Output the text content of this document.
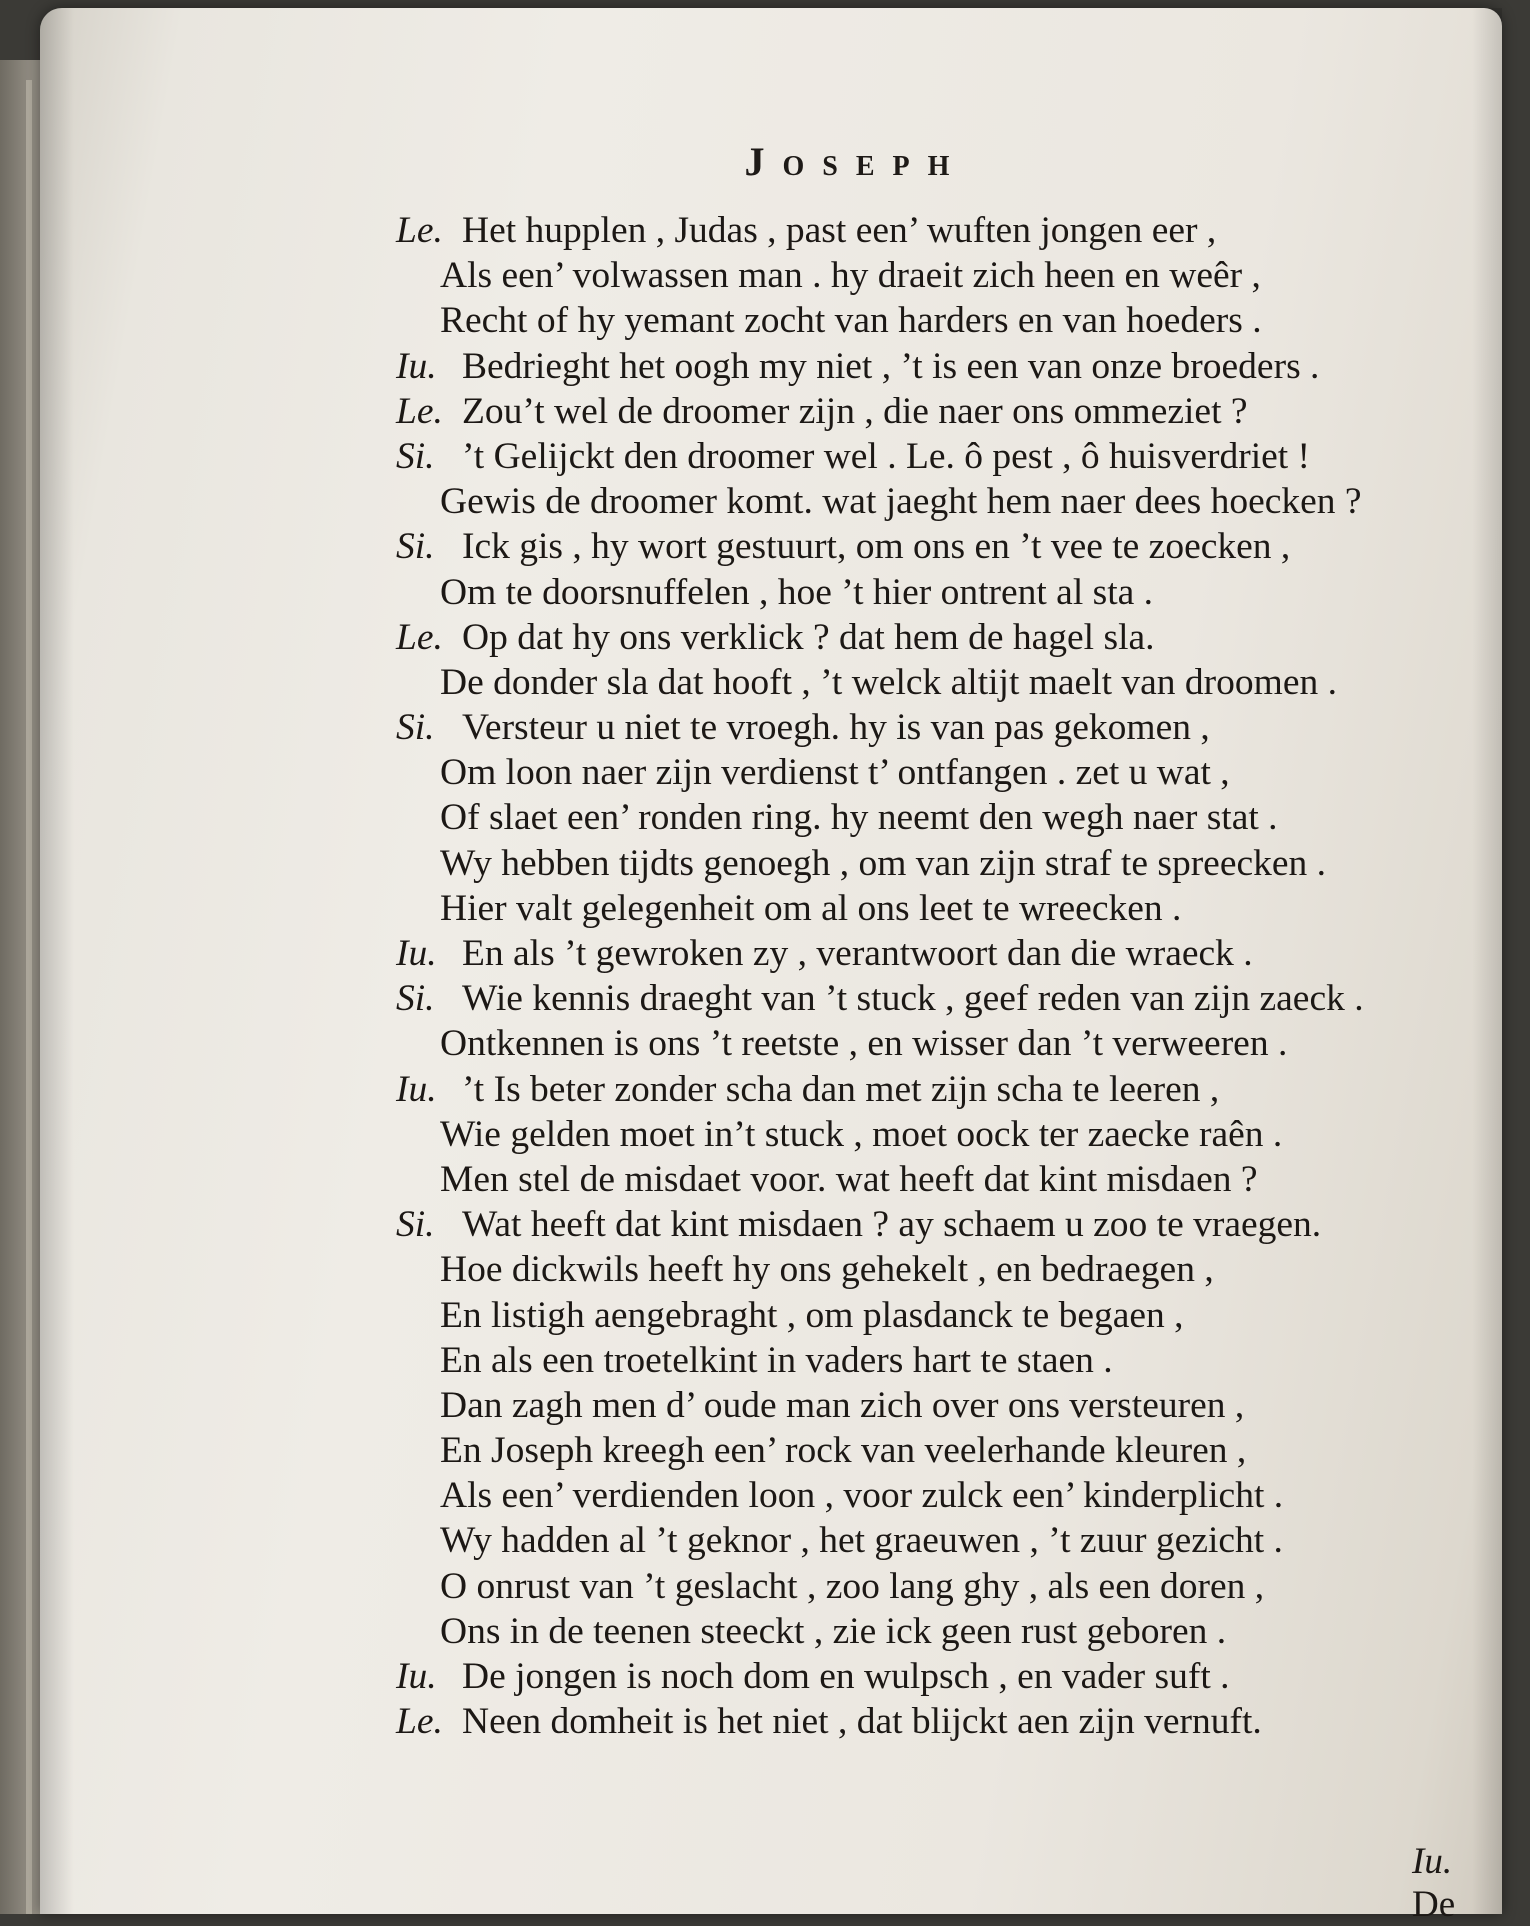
Joseph
Le. Het hupplen , Judas , past een’ wuften jongen eer ,
Als een’ volwassen man . hy draeit zich heen en weêr ,
Recht of hy yemant zocht van harders en van hoeders .
Iu. Bedrieght het oogh my niet , ’t is een van onze broeders .
Le. Zou’t wel de droomer zijn , die naer ons ommeziet ?
Si. ’t Gelijckt den droomer wel . Le. ô pest , ô huisverdriet !
Gewis de droomer komt. wat jaeght hem naer dees hoecken ?
Si. Ick gis , hy wort gestuurt, om ons en ’t vee te zoecken ,
Om te doorsnuffelen , hoe ’t hier ontrent al sta .
Le. Op dat hy ons verklick ? dat hem de hagel sla.
De donder sla dat hooft , ’t welck altijt maelt van droomen .
Si. Versteur u niet te vroegh. hy is van pas gekomen ,
Om loon naer zijn verdienst t’ ontfangen . zet u wat ,
Of slaet een’ ronden ring. hy neemt den wegh naer stat .
Wy hebben tijdts genoegh , om van zijn straf te spreecken .
Hier valt gelegenheit om al ons leet te wreecken .
Iu. En als ’t gewroken zy , verantwoort dan die wraeck .
Si. Wie kennis draeght van ’t stuck , geef reden van zijn zaeck .
Ontkennen is ons ’t reetste , en wisser dan ’t verweeren .
Iu. ’t Is beter zonder scha dan met zijn scha te leeren ,
Wie gelden moet in’t stuck , moet oock ter zaecke raên .
Men stel de misdaet voor. wat heeft dat kint misdaen ?
Si. Wat heeft dat kint misdaen ? ay schaem u zoo te vraegen.
Hoe dickwils heeft hy ons gehekelt , en bedraegen ,
En listigh aengebraght , om plasdanck te begaen ,
En als een troetelkint in vaders hart te staen .
Dan zagh men d’ oude man zich over ons versteuren ,
En Joseph kreegh een’ rock van veelerhande kleuren ,
Als een’ verdienden loon , voor zulck een’ kinderplicht .
Wy hadden al ’t geknor , het graeuwen , ’t zuur gezicht .
O onrust van ’t geslacht , zoo lang ghy , als een doren ,
Ons in de teenen steeckt , zie ick geen rust geboren .
Iu. De jongen is noch dom en wulpsch , en vader suft .
Le. Neen domheit is het niet , dat blijckt aen zijn vernuft.
Iu. De
